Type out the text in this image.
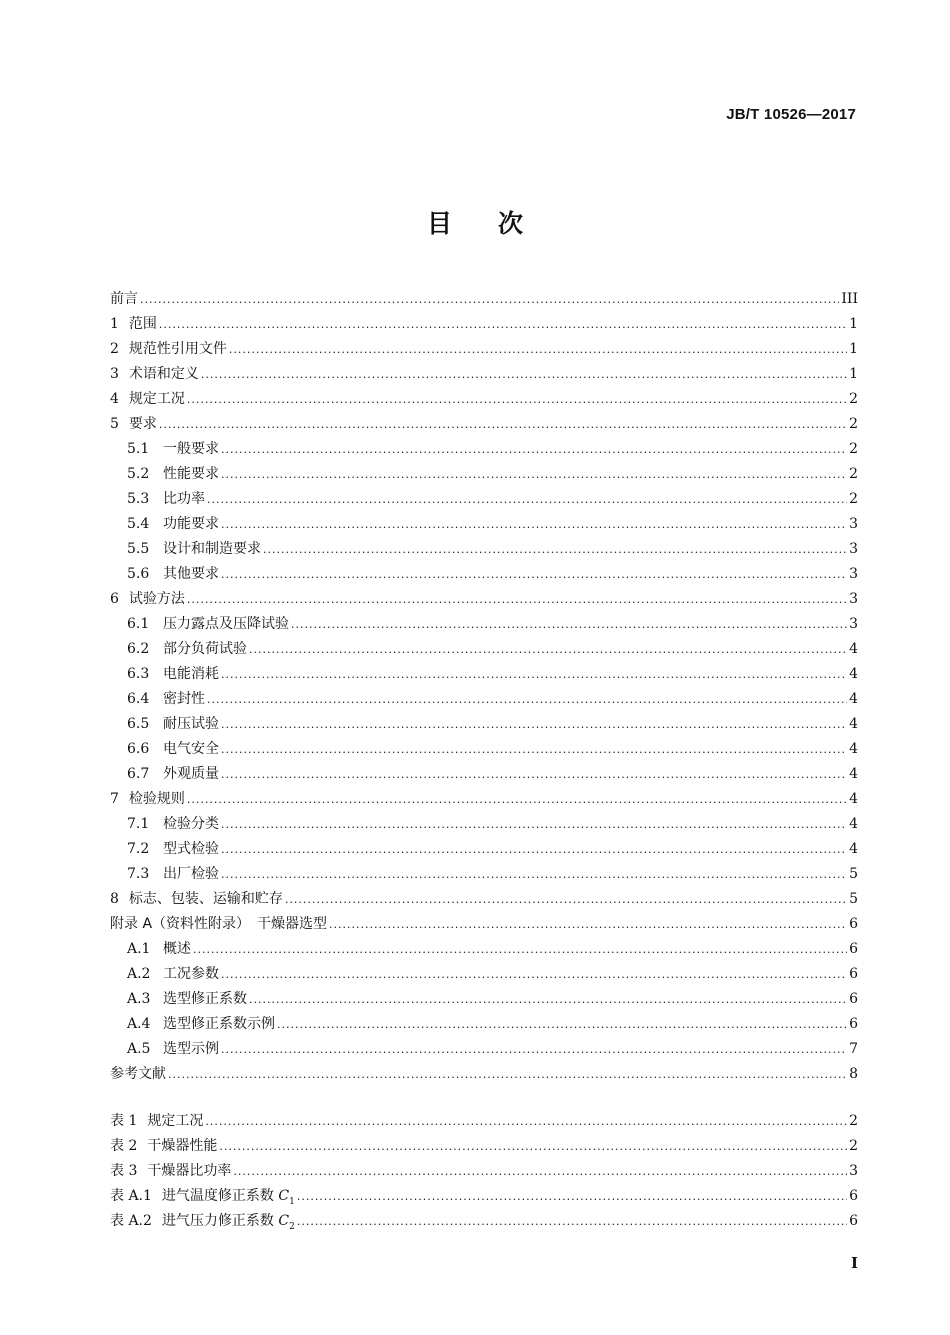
JB/T 10526—2017
目 次
前言 .....	III
1 范围 .....	1
2 规范性引用文件 .....	1
3 术语和定义 .....	1
4 规定工况 .....	2
5 要求 .....	2
5.1 一般要求 .....	2
5.2 性能要求 .....	2
5.3 比功率 .....	2
5.4 功能要求 .....	3
5.5 设计和制造要求 .....	3
5.6 其他要求 .....	3
6 试验方法 .....	3
6.1 压力露点及压降试验 .....	3
6.2 部分负荷试验 .....	4
6.3 电能消耗 .....	4
6.4 密封性 .....	4
6.5 耐压试验 .....	4
6.6 电气安全 .....	4
6.7 外观质量 .....	4
7 检验规则 .....	4
7.1 检验分类 .....	4
7.2 型式检验 .....	4
7.3 出厂检验 .....	5
8 标志、包装、运输和贮存 .....	5
附录 A（资料性附录）　干燥器选型 .....	6
A.1 概述 .....	6
A.2 工况参数 .....	6
A.3 选型修正系数 .....	6
A.4 选型修正系数示例 .....	6
A.5 选型示例 .....	7
参考文献 .....	8
表 1 规定工况 .....	2
表 2 干燥器性能 .....	2
表 3 干燥器比功率 .....	3
表 A.1 进气温度修正系数 $C_1$ .....	6
表 A.2 进气压力修正系数 $C_2$ .....	6
I
